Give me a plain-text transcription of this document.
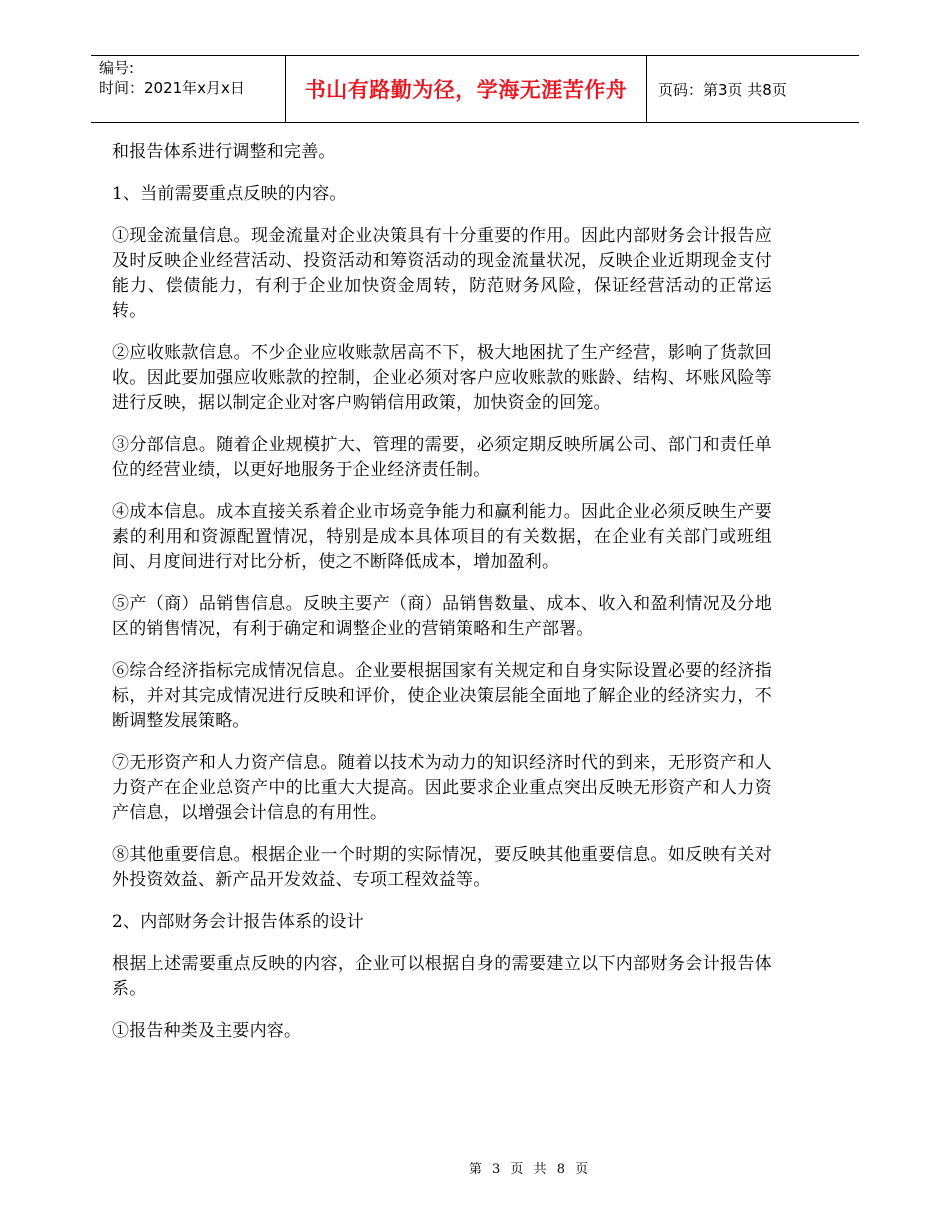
编号:
时间：2021年x月x日	书山有路勤为径，学海无涯苦作舟	页码：第3页 共8页

和报告体系进行调整和完善。

1、当前需要重点反映的内容。

①现金流量信息。现金流量对企业决策具有十分重要的作用。因此内部财务会计报告应及时反映企业经营活动、投资活动和筹资活动的现金流量状况，反映企业近期现金支付能力、偿债能力，有利于企业加快资金周转，防范财务风险，保证经营活动的正常运转。

②应收账款信息。不少企业应收账款居高不下，极大地困扰了生产经营，影响了货款回收。因此要加强应收账款的控制，企业必须对客户应收账款的账龄、结构、坏账风险等进行反映，据以制定企业对客户购销信用政策，加快资金的回笼。

③分部信息。随着企业规模扩大、管理的需要，必须定期反映所属公司、部门和责任单位的经营业绩，以更好地服务于企业经济责任制。

④成本信息。成本直接关系着企业市场竞争能力和赢利能力。因此企业必须反映生产要素的利用和资源配置情况，特别是成本具体项目的有关数据，在企业有关部门或班组间、月度间进行对比分析，使之不断降低成本，增加盈利。

⑤产（商）品销售信息。反映主要产（商）品销售数量、成本、收入和盈利情况及分地区的销售情况，有利于确定和调整企业的营销策略和生产部署。

⑥综合经济指标完成情况信息。企业要根据国家有关规定和自身实际设置必要的经济指标，并对其完成情况进行反映和评价，使企业决策层能全面地了解企业的经济实力，不断调整发展策略。

⑦无形资产和人力资产信息。随着以技术为动力的知识经济时代的到来，无形资产和人力资产在企业总资产中的比重大大提高。因此要求企业重点突出反映无形资产和人力资产信息，以增强会计信息的有用性。

⑧其他重要信息。根据企业一个时期的实际情况，要反映其他重要信息。如反映有关对外投资效益、新产品开发效益、专项工程效益等。

2、内部财务会计报告体系的设计

根据上述需要重点反映的内容，企业可以根据自身的需要建立以下内部财务会计报告体系。

①报告种类及主要内容。

第 3 页 共 8 页
